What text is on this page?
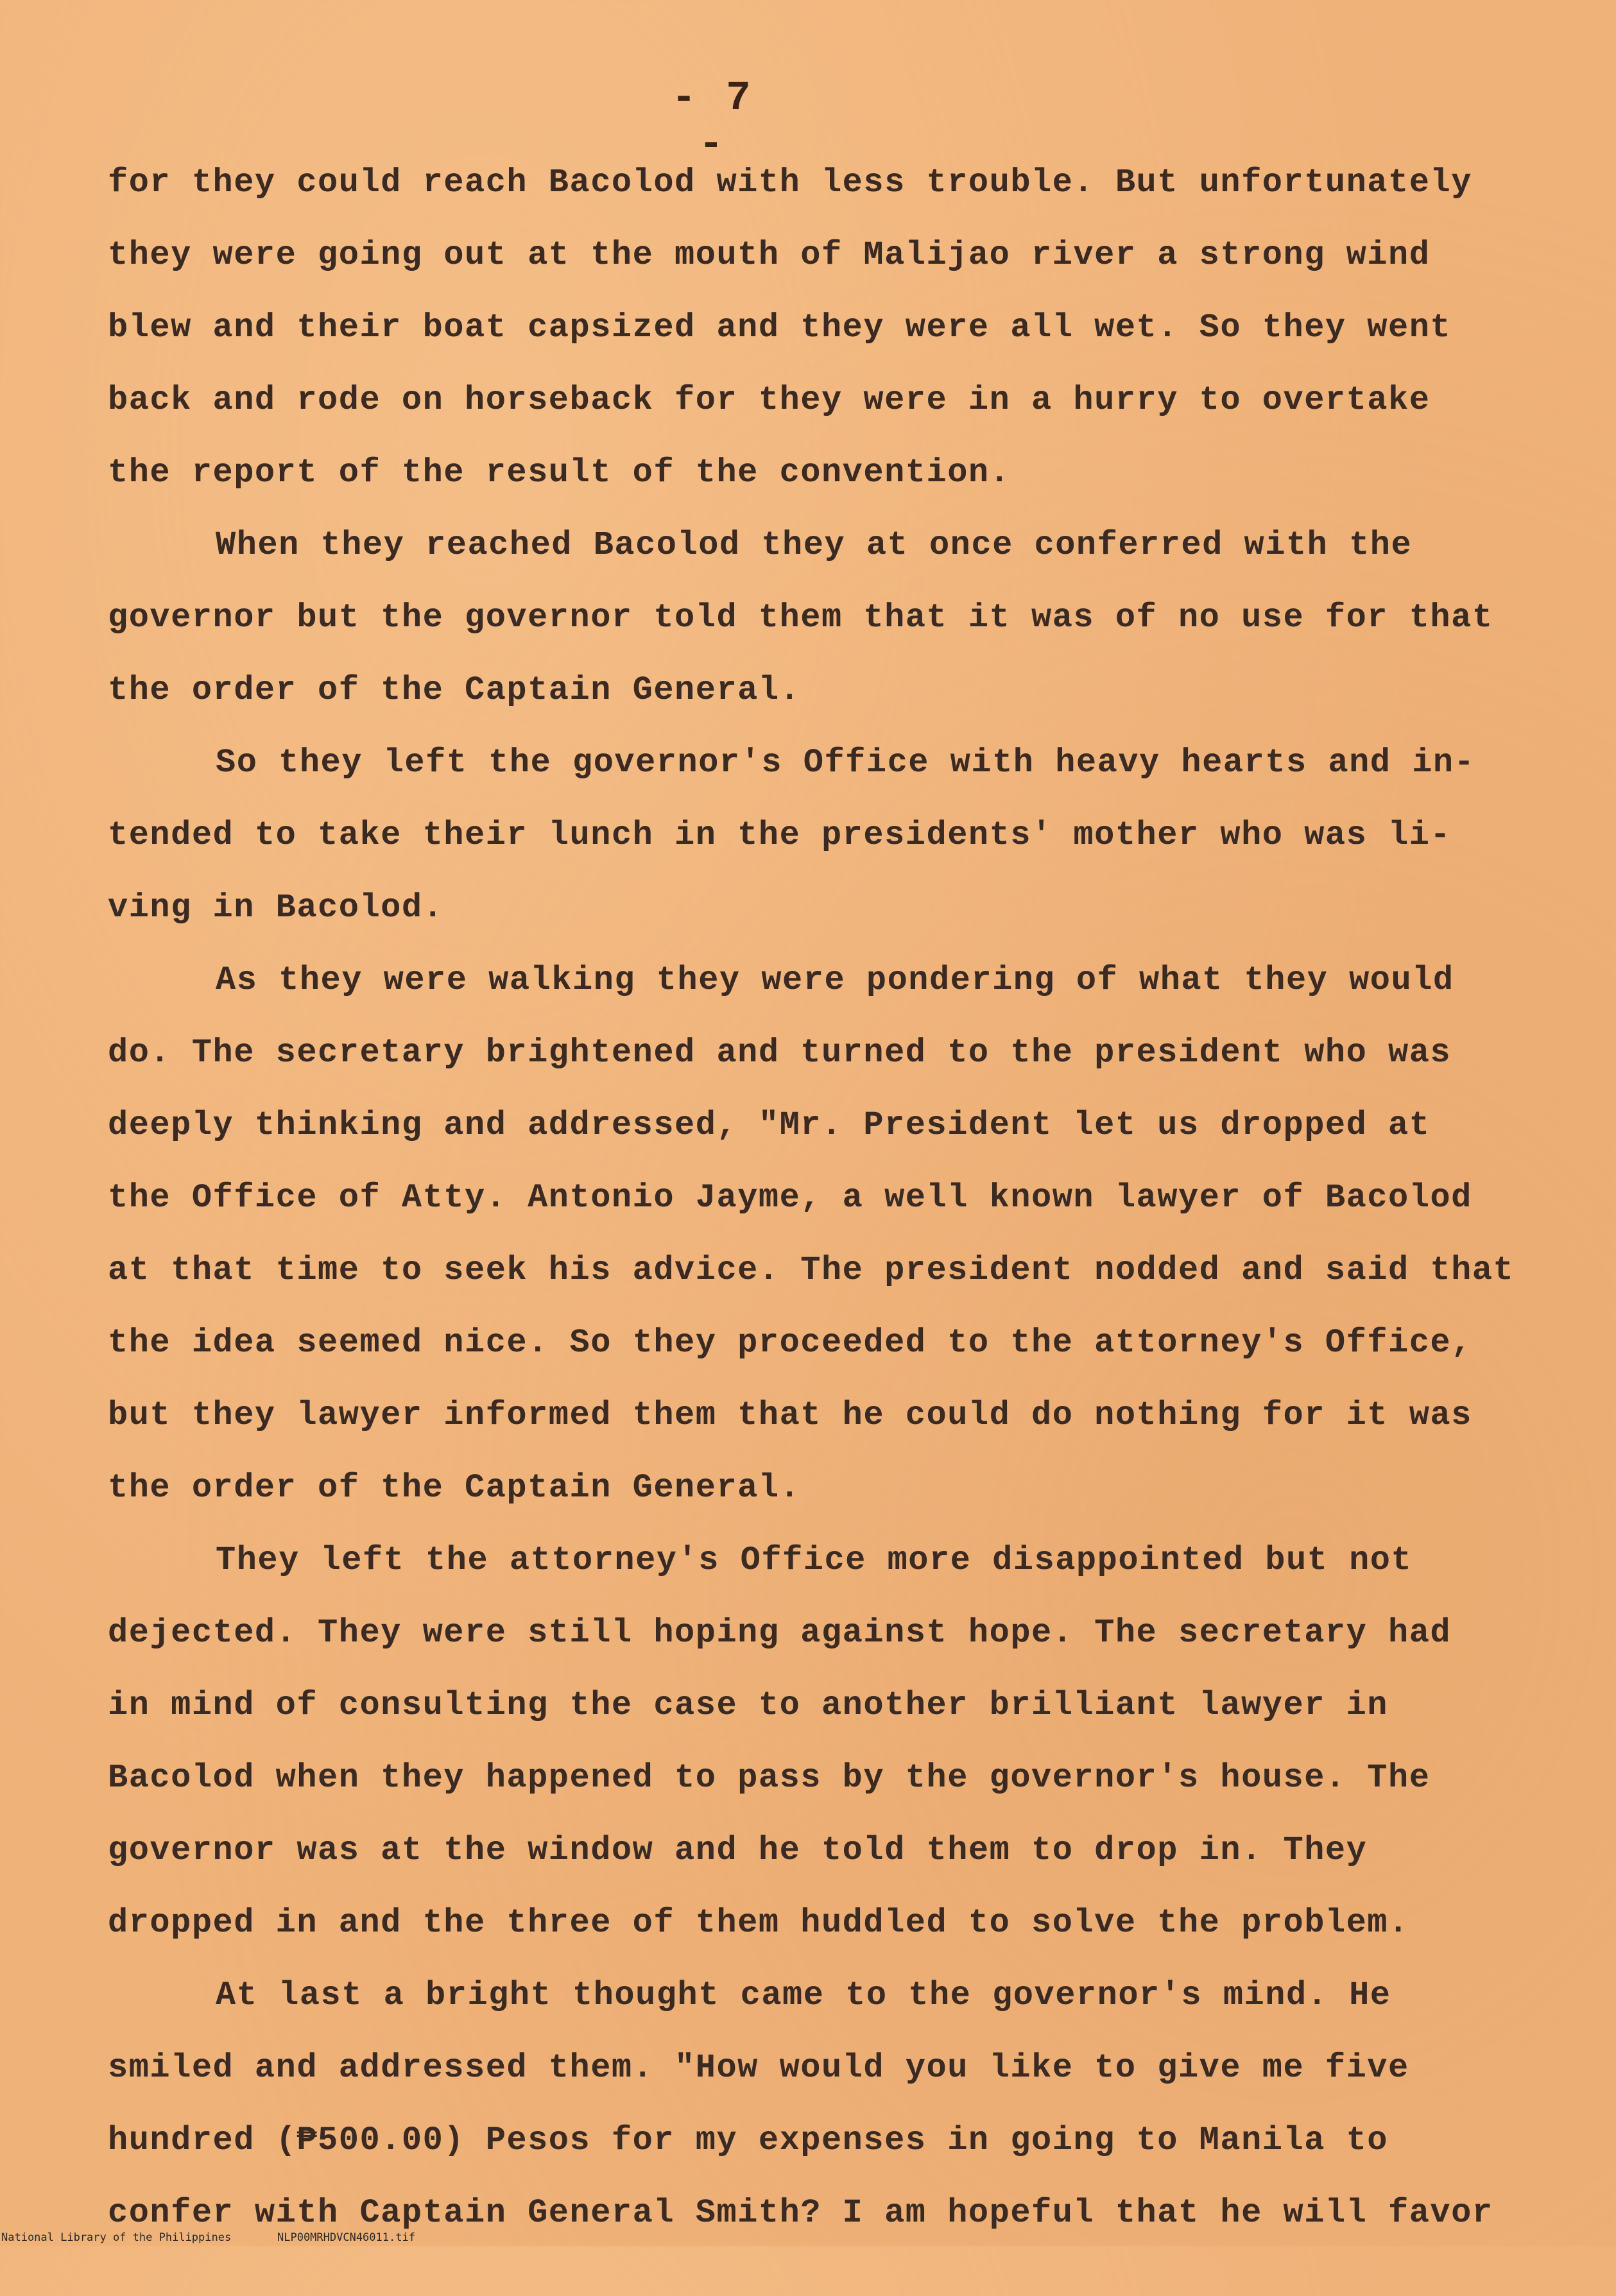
- 7 -
for they could reach Bacolod with less trouble. But unfortunately
they were going out at the mouth of Malijao river a strong wind
blew and their boat capsized and they were all wet. So they went
back and rode on horseback for they were in a hurry to overtake
the report of the result of the convention.
When they reached Bacolod they at once conferred with the
governor but the governor told them that it was of no use for that
the order of the Captain General.
So they left the governor's Office with heavy hearts and in-
tended to take their lunch in the presidents' mother who was li-
ving in Bacolod.
As they were walking they were pondering of what they would
do. The secretary brightened and turned to the president who was
deeply thinking and addressed, "Mr. President let us dropped at
the Office of Atty. Antonio Jayme, a well known lawyer of Bacolod
at that time to seek his advice. The president nodded and said that
the idea seemed nice. So they proceeded to the attorney's Office,
but they lawyer informed them that he could do nothing for it was
the order of the Captain General.
They left the attorney's Office more disappointed but not
dejected. They were still hoping against hope. The secretary had
in mind of consulting the case to another brilliant lawyer in
Bacolod when they happened to pass by the governor's house. The
governor was at the window and he told them to drop in. They
dropped in and the three of them huddled to solve the problem.
At last a bright thought came to the governor's mind. He
smiled and addressed them. "How would you like to give me five
hundred (₱500.00) Pesos for my expenses in going to Manila to
confer with Captain General Smith? I am hopeful that he will favor

National Library of the Philippines

	NLP00MRHDVCN46011.tif
